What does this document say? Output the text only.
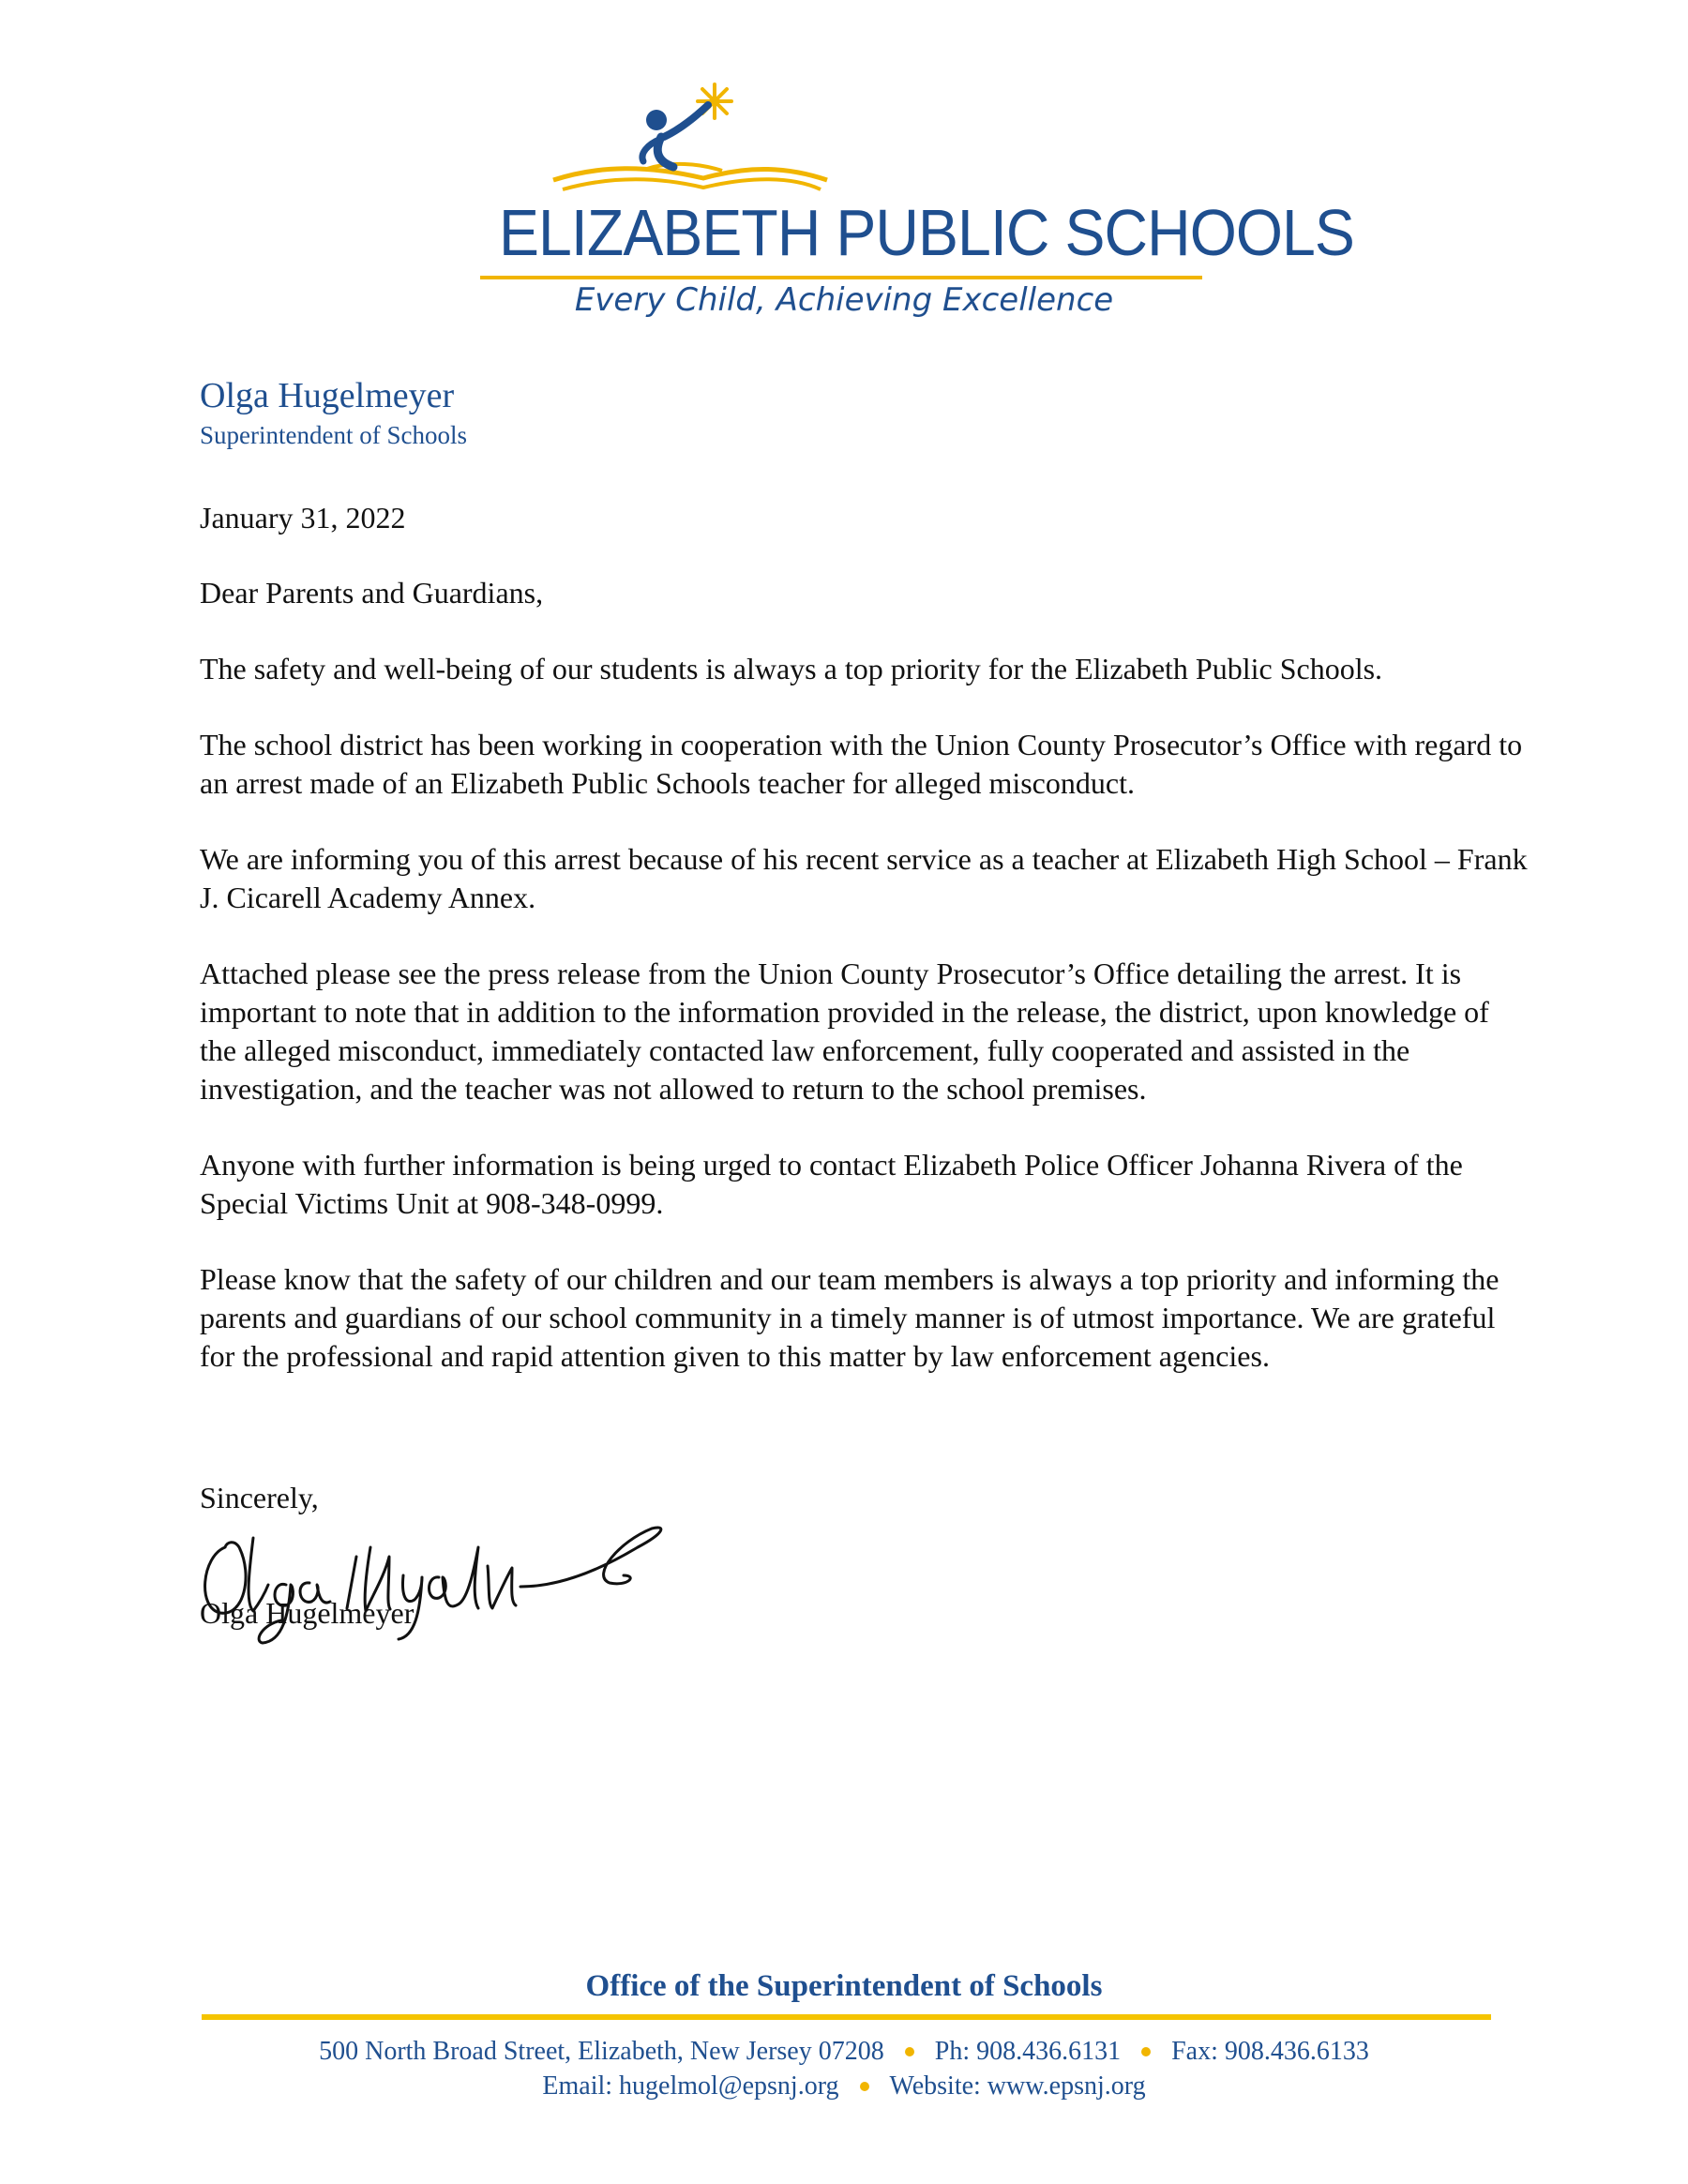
ELIZABETH PUBLIC SCHOOLS
Every Child, Achieving Excellence
Olga Hugelmeyer
Superintendent of Schools

January 31, 2022

Dear Parents and Guardians,

The safety and well-being of our students is always a top priority for the Elizabeth Public Schools.

The school district has been working in cooperation with the Union County Prosecutor’s Office with regard to an arrest made of an Elizabeth Public Schools teacher for alleged misconduct.

We are informing you of this arrest because of his recent service as a teacher at Elizabeth High School – Frank J. Cicarell Academy Annex.

Attached please see the press release from the Union County Prosecutor’s Office detailing the arrest. It is important to note that in addition to the information provided in the release, the district, upon knowledge of the alleged misconduct, immediately contacted law enforcement, fully cooperated and assisted in the investigation, and the teacher was not allowed to return to the school premises.

Anyone with further information is being urged to contact Elizabeth Police Officer Johanna Rivera of the Special Victims Unit at 908-348-0999.

Please know that the safety of our children and our team members is always a top priority and informing the parents and guardians of our school community in a timely manner is of utmost importance. We are grateful for the professional and rapid attention given to this matter by law enforcement agencies.

Sincerely,
Olga Hugelmeyer
Office of the Superintendent of Schools
500 North Broad Street, Elizabeth, New Jersey 07208 Ph: 908.436.6131 Fax: 908.436.6133
Email: hugelmol@epsnj.org Website: www.epsnj.org
